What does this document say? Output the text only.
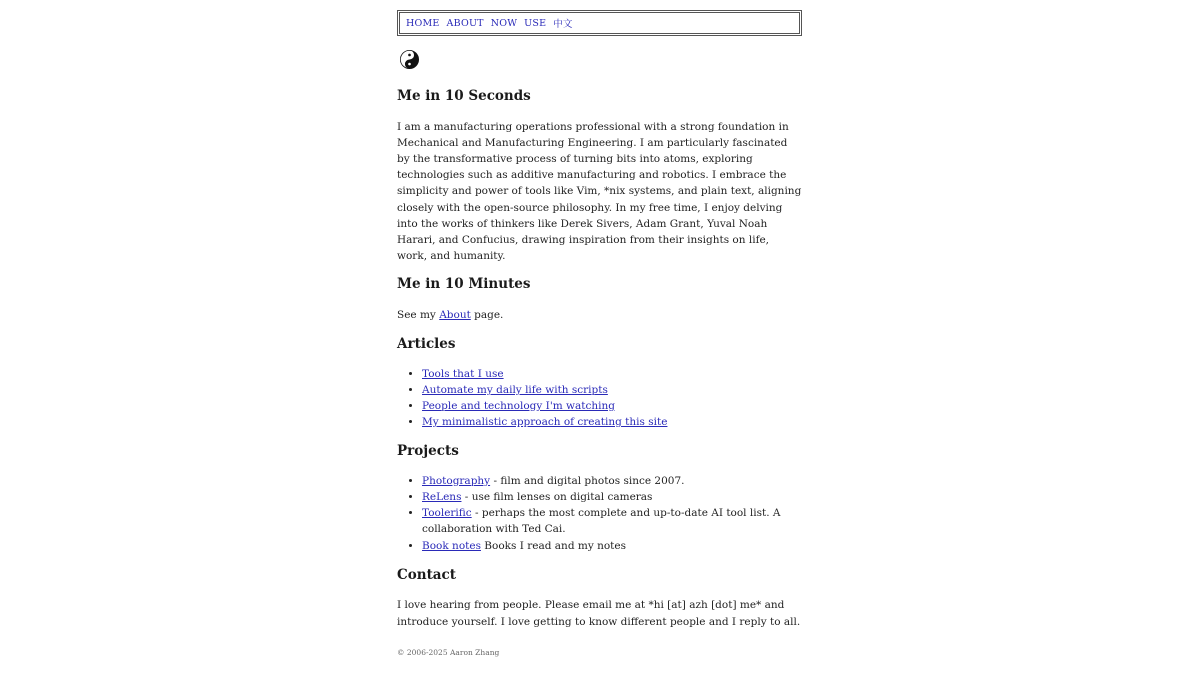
HOME ABOUT NOW USE 中文
Me in 10 Seconds

I am a manufacturing operations professional with a strong foundation in Mechanical and Manufacturing Engineering. I am particularly fascinated by the transformative process of turning bits into atoms, exploring technologies such as additive manufacturing and robotics. I embrace the simplicity and power of tools like Vim, *nix systems, and plain text, aligning closely with the open-source philosophy. In my free time, I enjoy delving into the works of thinkers like Derek Sivers, Adam Grant, Yuval Noah Harari, and Confucius, drawing inspiration from their insights on life, work, and humanity.

Me in 10 Minutes

See my About page.

Articles
• Tools that I use
• Automate my daily life with scripts
• People and technology I'm watching
• My minimalistic approach of creating this site
Projects
• Photography - film and digital photos since 2007.
• ReLens - use film lenses on digital cameras
• Toolerific - perhaps the most complete and up-to-date AI tool list. A collaboration with Ted Cai.
• Book notes Books I read and my notes
Contact

I love hearing from people. Please email me at *hi [at] azh [dot] me* and introduce yourself. I love getting to know different people and I reply to all.

© 2006-2025 Aaron Zhang
